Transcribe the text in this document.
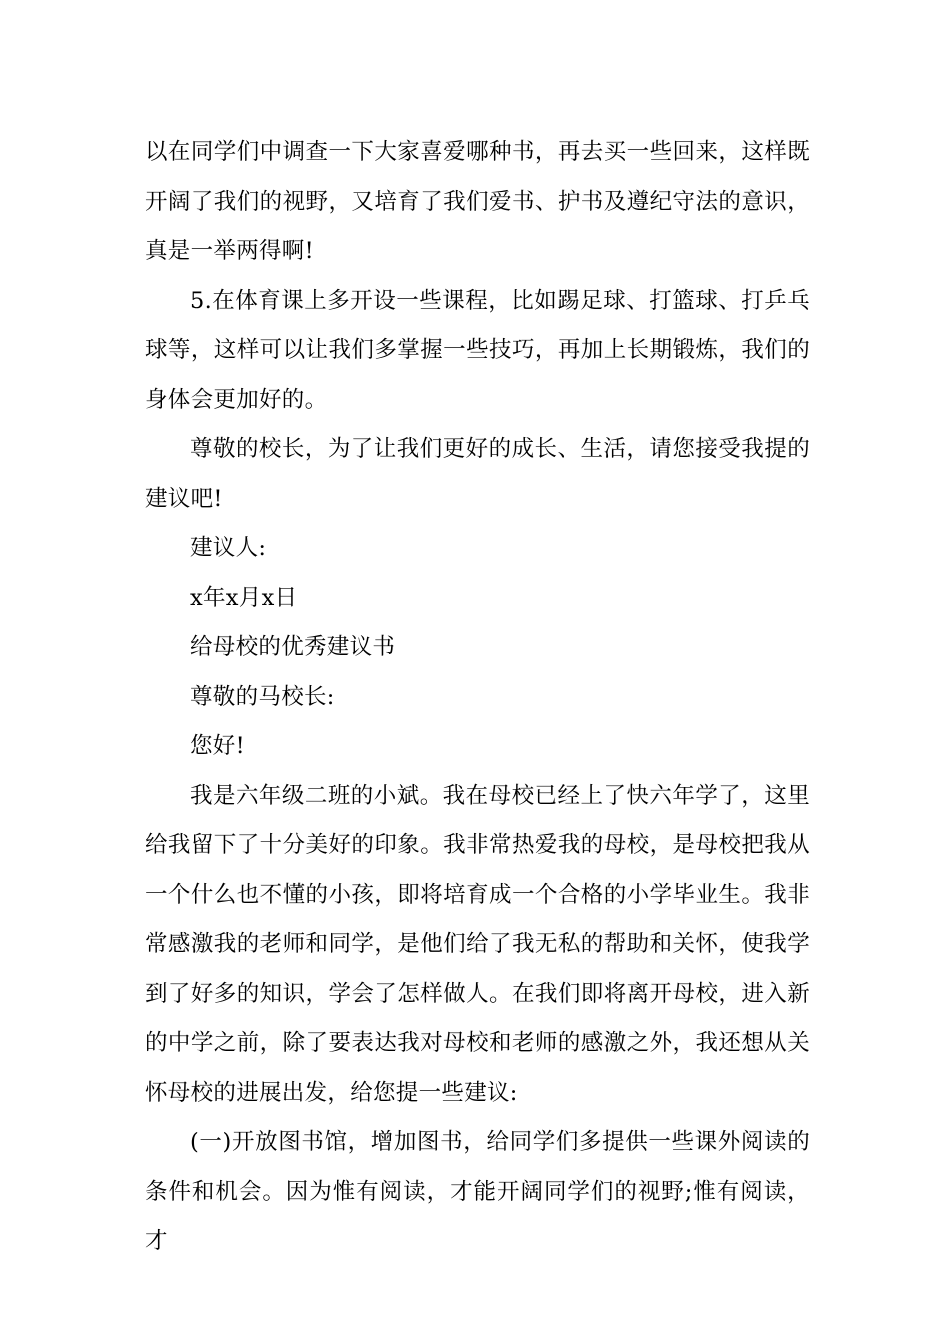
以在同学们中调查一下大家喜爱哪种书，再去买一些回来，这样既开阔了我们的视野，又培育了我们爱书、护书及遵纪守法的意识，真是一举两得啊!

5.在体育课上多开设一些课程，比如踢足球、打篮球、打乒乓球等，这样可以让我们多掌握一些技巧，再加上长期锻炼，我们的身体会更加好的。

尊敬的校长，为了让我们更好的成长、生活，请您接受我提的建议吧!

建议人:

x年x月x日

给母校的优秀建议书

尊敬的马校长:

您好!

我是六年级二班的小斌。我在母校已经上了快六年学了，这里给我留下了十分美好的印象。我非常热爱我的母校，是母校把我从一个什么也不懂的小孩，即将培育成一个合格的小学毕业生。我非常感激我的老师和同学，是他们给了我无私的帮助和关怀，使我学到了好多的知识，学会了怎样做人。在我们即将离开母校，进入新的中学之前，除了要表达我对母校和老师的感激之外，我还想从关怀母校的进展出发，给您提一些建议:

(一)开放图书馆，增加图书，给同学们多提供一些课外阅读的条件和机会。因为惟有阅读，才能开阔同学们的视野;惟有阅读，才
